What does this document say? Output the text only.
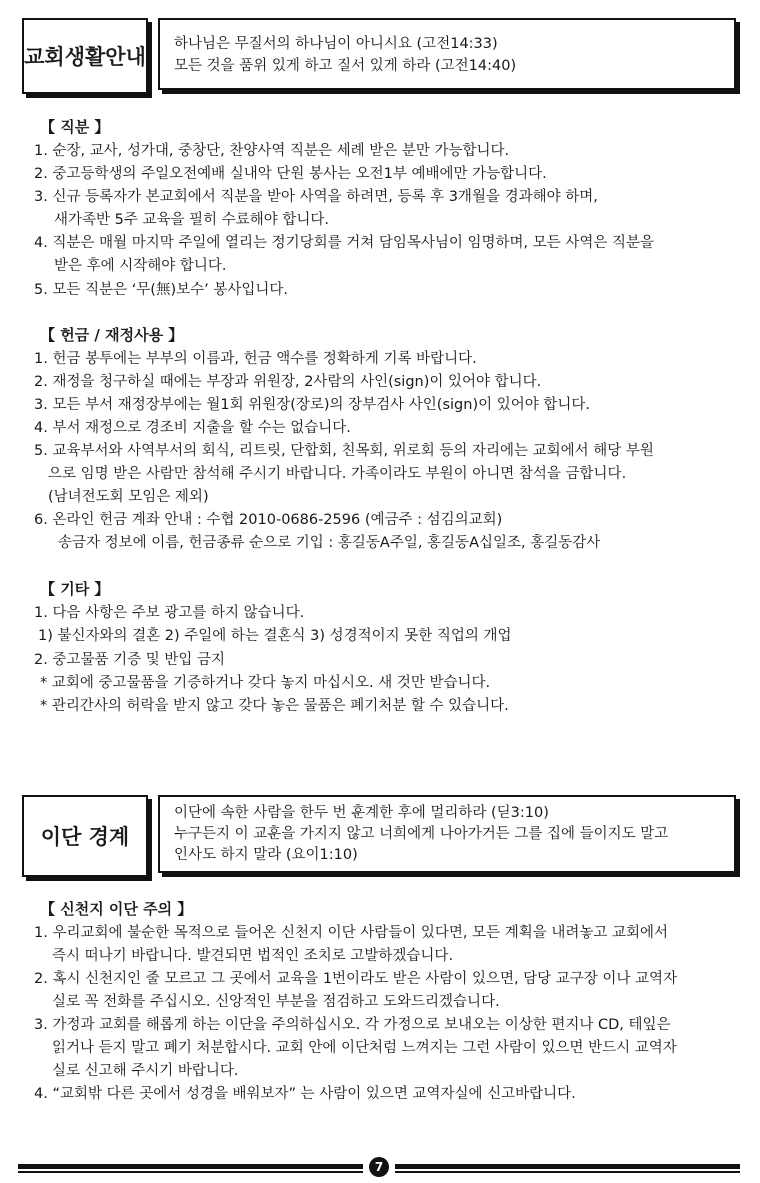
교회생활안내
하나님은 무질서의 하나님이 아니시요 (고전14:33)
모든 것을 품위 있게 하고 질서 있게 하라 (고전14:40)
【 직분 】
1. 순장, 교사, 성가대, 중창단, 찬양사역 직분은 세례 받은 분만 가능합니다.
2. 중고등학생의 주일오전예배 실내악 단원 봉사는 오전1부 예배에만 가능합니다.
3. 신규 등록자가 본교회에서 직분을 받아 사역을 하려면, 등록 후 3개월을 경과해야 하며,
새가족반 5주 교육을 필히 수료해야 합니다.
4. 직분은 매월 마지막 주일에 열리는 정기당회를 거쳐 담임목사님이 임명하며, 모든 사역은 직분을
받은 후에 시작해야 합니다.
5. 모든 직분은 ‘무(無)보수’ 봉사입니다.
【 헌금 / 재정사용 】
1. 헌금 봉투에는 부부의 이름과, 헌금 액수를 정확하게 기록 바랍니다.
2. 재정을 청구하실 때에는 부장과 위원장, 2사람의 사인(sign)이 있어야 합니다.
3. 모든 부서 재정장부에는 월1회 위원장(장로)의 장부검사 사인(sign)이 있어야 합니다.
4. 부서 재정으로 경조비 지출을 할 수는 없습니다.
5. 교육부서와 사역부서의 회식, 리트릿, 단합회, 친목회, 위로회 등의 자리에는 교회에서 해당 부원
으로 임명 받은 사람만 참석해 주시기 바랍니다. 가족이라도 부원이 아니면 참석을 금합니다.
(남녀전도회 모임은 제외)
6. 온라인 헌금 계좌 안내 : 수협 2010-0686-2596 (예금주 : 섬김의교회)
송금자 정보에 이름, 헌금종류 순으로 기입 : 홍길동A주일, 홍길동A십일조, 홍길동감사
【 기타 】
1. 다음 사항은 주보 광고를 하지 않습니다.
1) 불신자와의 결혼 2) 주일에 하는 결혼식 3) 성경적이지 못한 직업의 개업
2. 중고물품 기증 및 반입 금지
* 교회에 중고물품을 기증하거나 갖다 놓지 마십시오. 새 것만 받습니다.
* 관리간사의 허락을 받지 않고 갖다 놓은 물품은 폐기처분 할 수 있습니다.
이단 경계
이단에 속한 사람을 한두 번 훈계한 후에 멀리하라 (딛3:10)
누구든지 이 교훈을 가지지 않고 너희에게 나아가거든 그를 집에 들이지도 말고
인사도 하지 말라 (요이1:10)
【 신천지 이단 주의 】
1. 우리교회에 불순한 목적으로 들어온 신천지 이단 사람들이 있다면, 모든 계획을 내려놓고 교회에서
즉시 떠나기 바랍니다. 발견되면 법적인 조치로 고발하겠습니다.
2. 혹시 신천지인 줄 모르고 그 곳에서 교육을 1번이라도 받은 사람이 있으면, 담당 교구장 이나 교역자
실로 꼭 전화를 주십시오. 신앙적인 부분을 점검하고 도와드리겠습니다.
3. 가정과 교회를 해롭게 하는 이단을 주의하십시오. 각 가정으로 보내오는 이상한 편지나 CD, 테잎은
읽거나 듣지 말고 폐기 처분합시다. 교회 안에 이단처럼 느껴지는 그런 사람이 있으면 반드시 교역자
실로 신고해 주시기 바랍니다.
4. “교회밖 다른 곳에서 성경을 배워보자” 는 사람이 있으면 교역자실에 신고바랍니다.
7
